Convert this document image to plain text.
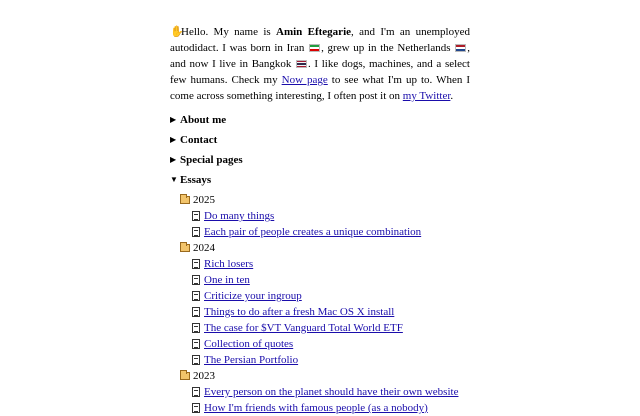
✋Hello. My name is Amin Eftegarie, and I'm an unemployed autodidact. I was born in Iran , grew up in the Netherlands , and now I live in Bangkok . I like dogs, machines, and a select few humans. Check my Now page to see what I'm up to. When I come across something interesting, I often post it on my Twitter.

▶ About me
▶ Contact
▶ Special pages
▼ Essays
2025
Do many things
Each pair of people creates a unique combination
2024
Rich losers
One in ten
Criticize your ingroup
Things to do after a fresh Mac OS X install
The case for $VT Vanguard Total World ETF
Collection of quotes
The Persian Portfolio
2023
Every person on the planet should have their own website
How I'm friends with famous people (as a nobody)
